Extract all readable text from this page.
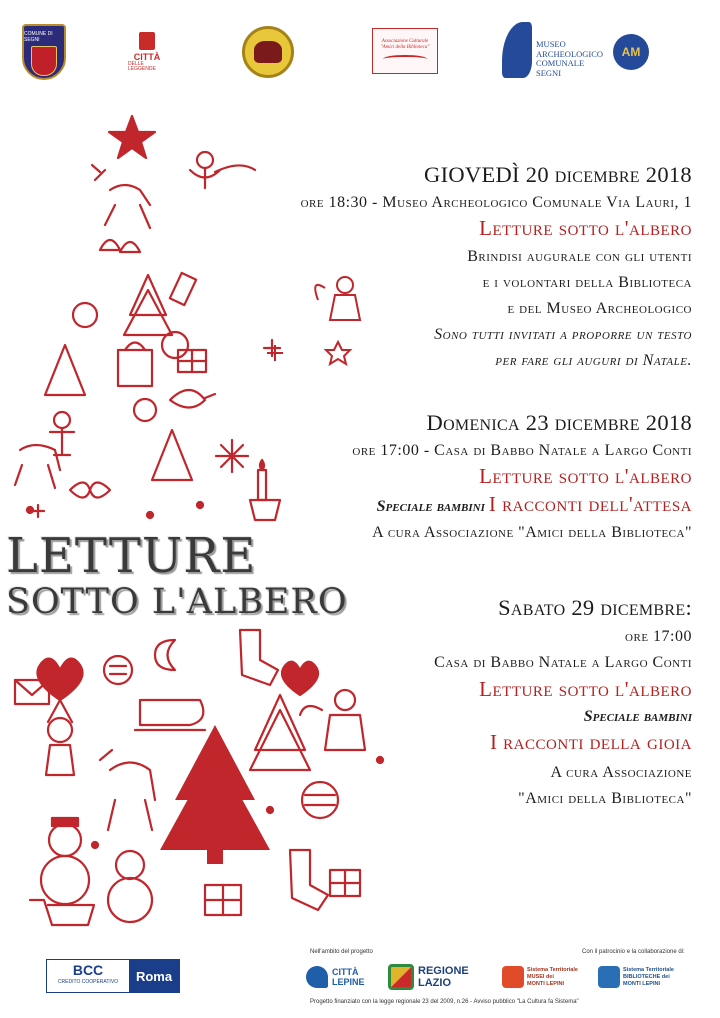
COMUNE DI SEGNI
CITTÀ
DELLE LEGGENDE
Associazione Culturale "Amici della Biblioteca"	MUSEO
ARCHEOLOGICO
COMUNALE
SEGNI
AM
LETTURE
SOTTO L'ALBERO
GIOVEDÌ 20 dicembre 2018
ore 18:30 - Museo Archeologico Comunale Via Lauri, 1
Letture sotto l'albero
Brindisi augurale con gli utenti
e i volontari della Biblioteca
e del Museo Archeologico
Sono tutti invitati a proporre un testo
per fare gli auguri di Natale.
Domenica 23 dicembre 2018
ore 17:00 - Casa di Babbo Natale a Largo Conti
Letture sotto l'albero
Speciale bambini I racconti dell'attesa
A cura Associazione "Amici della Biblioteca"
Sabato 29 dicembre:
ore 17:00
Casa di Babbo Natale a Largo Conti
Letture sotto l'albero
Speciale bambini
I racconti della gioia
A cura Associazione
"Amici della Biblioteca"
BCC
CREDITO COOPERATIVO	Roma
Nell'ambito del progetto	Con il patrocinio e la collaborazione di:
CITTÀ
LEPINE
REGIONE
LAZIO
Sistema Territoriale
MUSEI dei
MONTI LEPINI
Sistema Territoriale
BIBLIOTECHE dei
MONTI LEPINI
Progetto finanziato con la legge regionale 23 del 2009, n.26 - Avviso pubblico "La Cultura fa Sistema"
